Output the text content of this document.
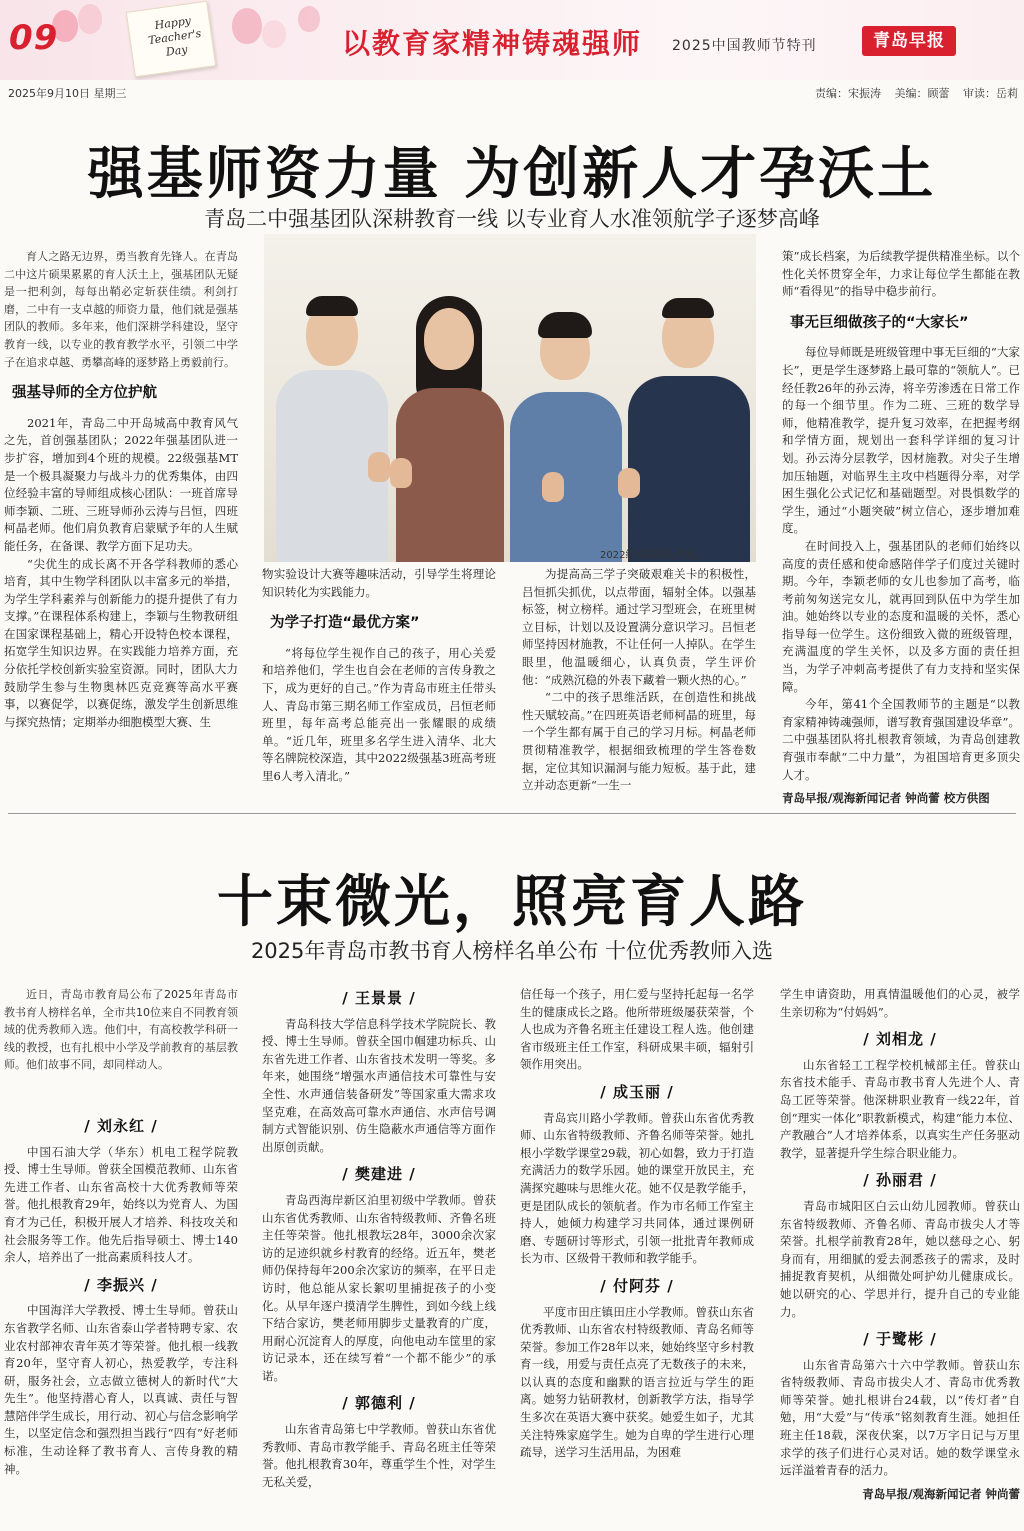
09	Happy Teacher's Day	以教育家精神铸魂强师 2025中国教师节特刊	青岛早报
2025年9月10日 星期三	责编：宋振涛 美编：顾蕾 审读：岳莉
强基师资力量 为创新人才孕沃土
青岛二中强基团队深耕教育一线 以专业育人水准领航学子逐梦高峰

育人之路无边界，勇当教育先锋人。在青岛二中这片硕果累累的育人沃土上，强基团队无疑是一把利剑，每每出鞘必定斩获佳绩。利剑打磨，二中有一支卓越的师资力量，他们就是强基团队的教师。多年来，他们深耕学科建设，坚守教育一线，以专业的教育教学水平，引领二中学子在追求卓越、勇攀高峰的逐梦路上勇毅前行。

强基导师的全方位护航

2021年，青岛二中开岛城高中教育风气之先，首创强基团队；2022年强基团队进一步扩容，增加到4个班的规模。22级强基MT是一个极具凝聚力与战斗力的优秀集体，由四位经验丰富的导师组成核心团队：一班首席导师李颖、二班、三班导师孙云涛与吕恒，四班柯晶老师。他们肩负教育启蒙赋予年的人生赋能任务，在备课、教学方面下足功夫。

“尖优生的成长离不开各学科教师的悉心培育，其中生物学科团队以丰富多元的举措，为学生学科素养与创新能力的提升提供了有力支撑。”在课程体系构建上，李颖与生物教研组在国家课程基础上，精心开设特色校本课程，拓宽学生知识边界。在实践能力培养方面，充分依托学校创新实验室资源。同时，团队大力鼓励学生参与生物奥林匹克竞赛等高水平赛事，以赛促学，以赛促练，激发学生创新思维与探究热情；定期举办细胞模型大赛、生

2022级强基团队教师。

物实验设计大赛等趣味活动，引导学生将理论知识转化为实践能力。

为学子打造“最优方案”

“将每位学生视作自己的孩子，用心关爱和培养他们，学生也自会在老师的言传身教之下，成为更好的自己。”作为青岛市班主任带头人、青岛市第三期名师工作室成员，吕恒老师班里，每年高考总能亮出一张耀眼的成绩单。“近几年，班里多名学生进入清华、北大等名牌院校深造，其中2022级强基3班高考班里6人考入清北。”

为提高高三学子突破艰难关卡的积极性，吕恒抓尖抓优，以点带面，辐射全体。以强基标签，树立榜样。通过学习型班会，在班里树立目标，计划以及设置满分意识学习。吕恒老师坚持因材施教，不让任何一人掉队。在学生眼里，他温暖细心，认真负责，学生评价他：“成熟沉稳的外表下藏着一颗火热的心。”

“二中的孩子思维活跃，在创造性和挑战性天赋较高。”在四班英语老师柯晶的班里，每一个学生都有属于自己的学习月标。柯晶老师贯彻精准教学，根据细致梳理的学生答卷数据，定位其知识漏洞与能力短板。基于此，建立并动态更新“一生一

策”成长档案，为后续教学提供精准坐标。以个性化关怀贯穿全年，力求让每位学生都能在教师“看得见”的指导中稳步前行。

事无巨细做孩子的“大家长”

每位导师既是班级管理中事无巨细的“大家长”，更是学生逐梦路上最可靠的“领航人”。已经任教26年的孙云涛，将辛劳渗透在日常工作的每一个细节里。作为二班、三班的数学导师，他精准教学，提升复习效率，在把握考纲和学情方面，规划出一套科学详细的复习计划。孙云涛分层教学，因材施教。对尖子生增加压轴题，对临界生主攻中档题得分率，对学困生强化公式记忆和基础题型。对畏惧数学的学生，通过“小题突破”树立信心，逐步增加难度。

在时间投入上，强基团队的老师们始终以高度的责任感和使命感陪伴学子们度过关键时期。今年，李颖老师的女儿也参加了高考，临考前匆匆送完女儿，就再回到队伍中为学生加油。她始终以专业的态度和温暖的关怀，悉心指导每一位学生。这份细致入微的班级管理，充满温度的学生关怀，以及多方面的责任担当，为学子冲刺高考提供了有力支持和坚实保障。

今年，第41个全国教师节的主题是“以教育家精神铸魂强师，谱写教育强国建设华章”。二中强基团队将扎根教育领域，为青岛创建教育强市奉献“二中力量”，为祖国培育更多顶尖人才。

青岛早报/观海新闻记者 钟尚蕾 校方供图
十束微光，照亮育人路
2025年青岛市教书育人榜样名单公布 十位优秀教师入选

近日，青岛市教育局公布了2025年青岛市教书育人榜样名单，全市共10位来自不同教育领域的优秀教师入选。他们中，有高校教学科研一线的教授，也有扎根中小学及学前教育的基层教师。他们故事不同，却同样动人。

/ 刘永红 /

中国石油大学（华东）机电工程学院教授、博士生导师。曾获全国模范教师、山东省先进工作者、山东省高校十大优秀教师等荣誉。他扎根教育29年，始终以为党育人、为国育才为己任，积极开展人才培养、科技攻关和社会服务等工作。他先后指导硕士、博士140余人，培养出了一批高素质科技人才。

/ 李振兴 /

中国海洋大学教授、博士生导师。曾获山东省教学名师、山东省泰山学者特聘专家、农业农村部神农青年英才等荣誉。他扎根一线教育20年，坚守育人初心，热爱教学，专注科研，服务社会，立志做立德树人的新时代“大先生”。他坚持潜心育人，以真诚、责任与智慧陪伴学生成长，用行动、初心与信念影响学生，以坚定信念和强烈担当践行“四有”好老师标准，生动诠释了教书育人、言传身教的精神。

/ 王景景 /

青岛科技大学信息科学技术学院院长、教授、博士生导师。曾获全国巾帼建功标兵、山东省先进工作者、山东省技术发明一等奖。多年来，她围绕“增强水声通信技术可靠性与安全性、水声通信装备研发”等国家重大需求攻坚克难，在高效高可靠水声通信、水声信号调制方式智能识别、仿生隐蔽水声通信等方面作出原创贡献。

/ 樊建进 /

青岛西海岸新区泊里初级中学教师。曾获山东省优秀教师、山东省特级教师、齐鲁名班主任等荣誉。他扎根教坛28年，3000余次家访的足迹织就乡村教育的经络。近五年，樊老师仍保持每年200余次家访的频率，在平日走访时，他总能从家长絮叨里捕捉孩子的小变化。从早年逐户摸清学生脾性，到如今线上线下结合家访，樊老师用脚步丈量教育的广度，用耐心沉淀育人的厚度，向他电动车筐里的家访记录本，还在续写着“一个都不能少”的承诺。

/ 郭德利 /

山东省青岛第七中学教师。曾获山东省优秀教师、青岛市教学能手、青岛名班主任等荣誉。他扎根教育30年，尊重学生个性，对学生无私关爱，

信任每一个孩子，用仁爱与坚持托起每一名学生的健康成长之路。他所带班级屡获荣誉，个人也成为齐鲁名班主任建设工程人选。他创建省市级班主任工作室，科研成果丰硕，辐射引领作用突出。

/ 成玉丽 /

青岛宾川路小学教师。曾获山东省优秀教师、山东省特级教师、齐鲁名师等荣誉。她扎根小学数学课堂29载，初心如磐，致力于打造充满活力的数学乐园。她的课堂开放民主，充满探究趣味与思维火花。她不仅是教学能手，更是团队成长的领航者。作为市名师工作室主持人，她倾力构建学习共同体，通过课例研磨、专题研讨等形式，引领一批批青年教师成长为市、区级骨干教师和教学能手。

/ 付阿芬 /

平度市田庄镇田庄小学教师。曾获山东省优秀教师、山东省农村特级教师、青岛名师等荣誉。参加工作28年以来，她始终坚守乡村教育一线，用爱与责任点亮了无数孩子的未来，以认真的态度和幽默的语言拉近与学生的距离。她努力钻研教材，创新教学方法，指导学生多次在英语大赛中获奖。她爱生如子，尤其关注特殊家庭学生。她为自卑的学生进行心理疏导，送学习生活用品，为困难

学生申请资助，用真情温暖他们的心灵，被学生亲切称为“付妈妈”。

/ 刘相龙 /

山东省轻工工程学校机械部主任。曾获山东省技术能手、青岛市教书育人先进个人、青岛工匠等荣誉。他深耕职业教育一线22年，首创“理实一体化”职教新模式，构建“能力本位、产教融合”人才培养体系，以真实生产任务驱动教学，显著提升学生综合职业能力。

/ 孙丽君 /

青岛市城阳区白云山幼儿园教师。曾获山东省特级教师、齐鲁名师、青岛市拔尖人才等荣誉。扎根学前教育28年，她以慈母之心、躬身而有，用细腻的爱去洞悉孩子的需求，及时捕捉教育契机，从细微处呵护幼儿健康成长。她以研究的心、学思并行，提升自己的专业能力。

/ 于鹭彬 /

山东省青岛第六十六中学教师。曾获山东省特级教师、青岛市拔尖人才、青岛市优秀教师等荣誉。她扎根讲台24载，以“传灯者”自勉，用“大爱”与“传承”铭刻教育生涯。她担任班主任18载，深夜伏案，以7万字日记与万里求学的孩子们进行心灵对话。她的数学课堂永远洋溢着青春的活力。

青岛早报/观海新闻记者 钟尚蕾
